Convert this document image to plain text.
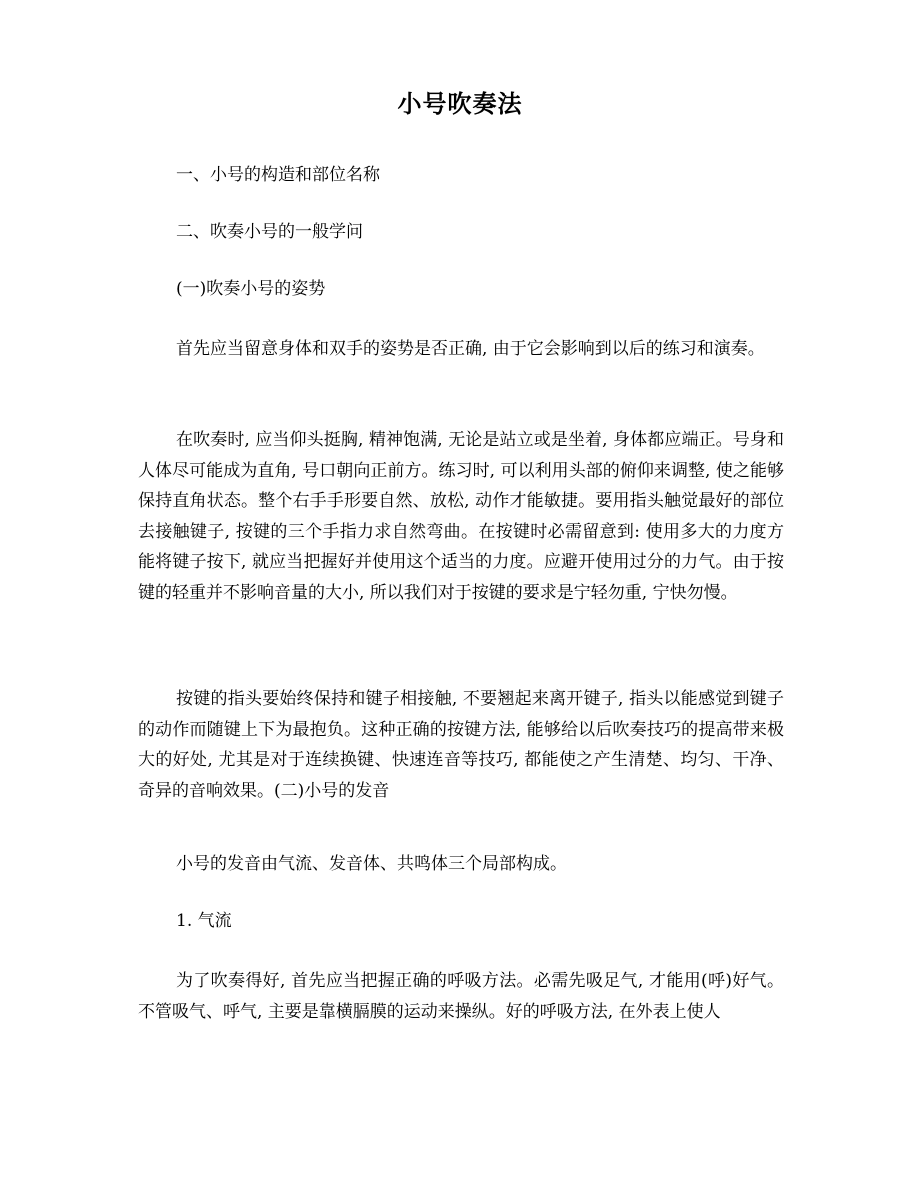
小号吹奏法
一、小号的构造和部位名称
二、吹奏小号的一般学问
(一)吹奏小号的姿势

首先应当留意身体和双手的姿势是否正确, 由于它会影响到以后的练习和演奏。

在吹奏时, 应当仰头挺胸, 精神饱满, 无论是站立或是坐着, 身体都应端正。号身和人体尽可能成为直角, 号口朝向正前方。练习时, 可以利用头部的俯仰来调整, 使之能够保持直角状态。整个右手手形要自然、放松, 动作才能敏捷。要用指头触觉最好的部位去接触键子, 按键的三个手指力求自然弯曲。在按键时必需留意到: 使用多大的力度方能将键子按下, 就应当把握好并使用这个适当的力度。应避开使用过分的力气。由于按键的轻重并不影响音量的大小, 所以我们对于按键的要求是宁轻勿重, 宁快勿慢。

按键的指头要始终保持和键子相接触, 不要翘起来离开键子, 指头以能感觉到键子的动作而随键上下为最抱负。这种正确的按键方法, 能够给以后吹奏技巧的提高带来极大的好处, 尤其是对于连续换键、快速连音等技巧, 都能使之产生清楚、均匀、干净、奇异的音响效果。(二)小号的发音

小号的发音由气流、发音体、共鸣体三个局部构成。

1. 气流

为了吹奏得好, 首先应当把握正确的呼吸方法。必需先吸足气, 才能用(呼)好气。不管吸气、呼气, 主要是靠横膈膜的运动来操纵。好的呼吸方法, 在外表上使人
